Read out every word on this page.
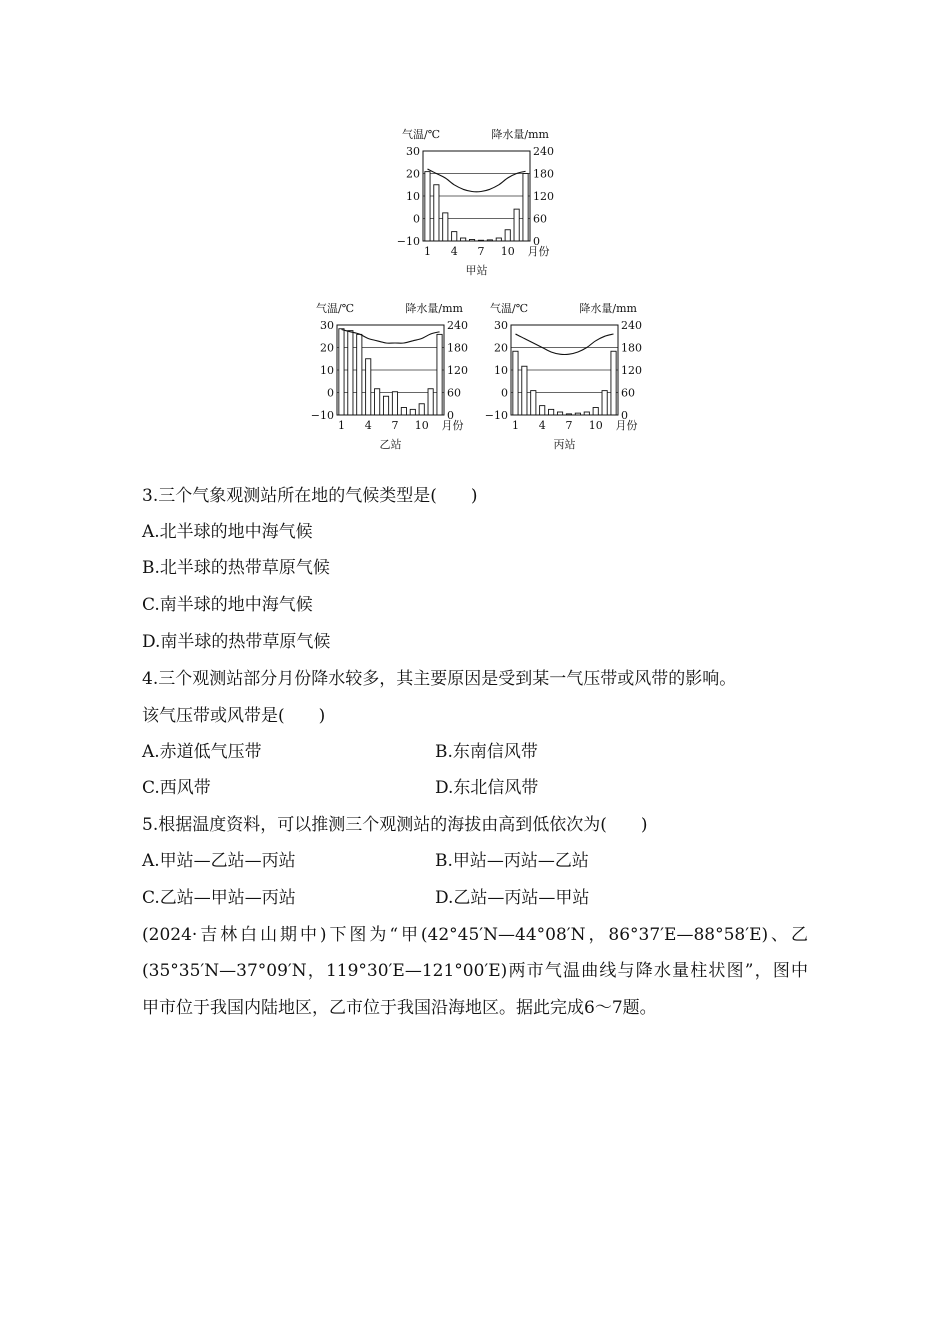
气温/℃	降水量/mm
30	240
20	180
10	120
0	60
−10	0
1 4 7 10 月份
甲站
气温/℃	降水量/mm
30	240
20	180
10	120
0	60
−10	0
1 4 7 10 月份
乙站
气温/℃	降水量/mm
30	240
20	180
10	120
0	60
−10	0
1 4 7 10 月份
丙站
3.三个气象观测站所在地的气候类型是(　　)
A.北半球的地中海气候
B.北半球的热带草原气候
C.南半球的地中海气候
D.南半球的热带草原气候
4.三个观测站部分月份降水较多，其主要原因是受到某一气压带或风带的影响。
该气压带或风带是(　　)
A.赤道低气压带	B.东南信风带
C.西风带	D.东北信风带
5.根据温度资料，可以推测三个观测站的海拔由高到低依次为(　　)
A.甲站—乙站—丙站	B.甲站—丙站—乙站
C.乙站—甲站—丙站	D.乙站—丙站—甲站
(2024·吉林白山期中)下图为“甲(42°45′N—44°08′N，86°37′E—88°58′E)、乙
(35°35′N—37°09′N，119°30′E—121°00′E)两市气温曲线与降水量柱状图”，图中
甲市位于我国内陆地区，乙市位于我国沿海地区。据此完成6～7题。
